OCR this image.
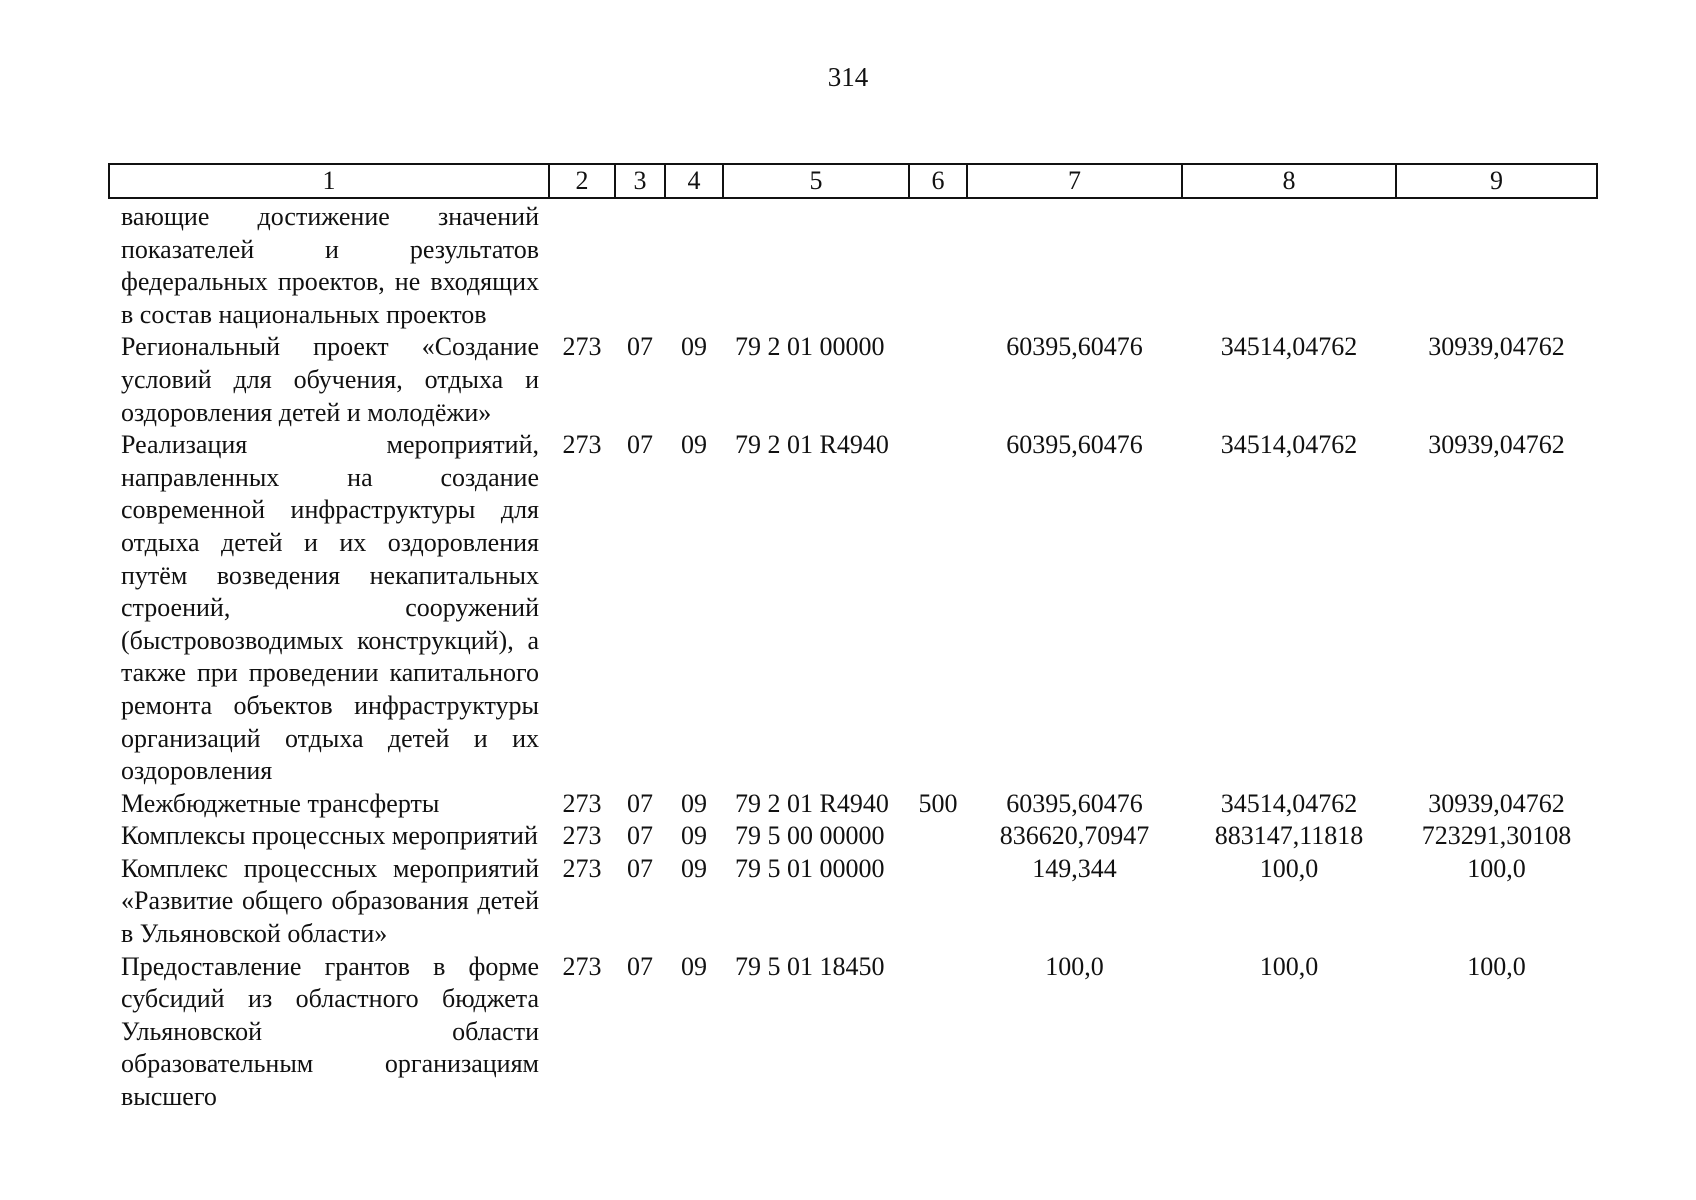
314
1	2	3	4	5	6	7	8	9
вающие достижение значений показателей и результатов федеральных проектов, не входящих в состав национальных проектов								
Региональный проект «Создание условий для обучения, отдыха и оздоровления детей и молодёжи»	273	07	09	79 2 01 00000		60395,60476	34514,04762	30939,04762
Реализация мероприятий, направленных на создание современной инфраструктуры для отдыха детей и их оздоровления путём возведения некапитальных строений, сооружений (быстровозводимых конструкций), а также при проведении капитального ремонта объектов инфраструктуры организаций отдыха детей и их оздоровления	273	07	09	79 2 01 R4940		60395,60476	34514,04762	30939,04762
Межбюджетные трансферты	273	07	09	79 2 01 R4940	500	60395,60476	34514,04762	30939,04762
Комплексы процессных мероприятий	273	07	09	79 5 00 00000		836620,70947	883147,11818	723291,30108
Комплекс процессных мероприятий «Развитие общего образования детей в Ульяновской области»	273	07	09	79 5 01 00000		149,344	100,0	100,0
Предоставление грантов в форме субсидий из областного бюджета Ульяновской области образовательным организациям высшего	273	07	09	79 5 01 18450		100,0	100,0	100,0
